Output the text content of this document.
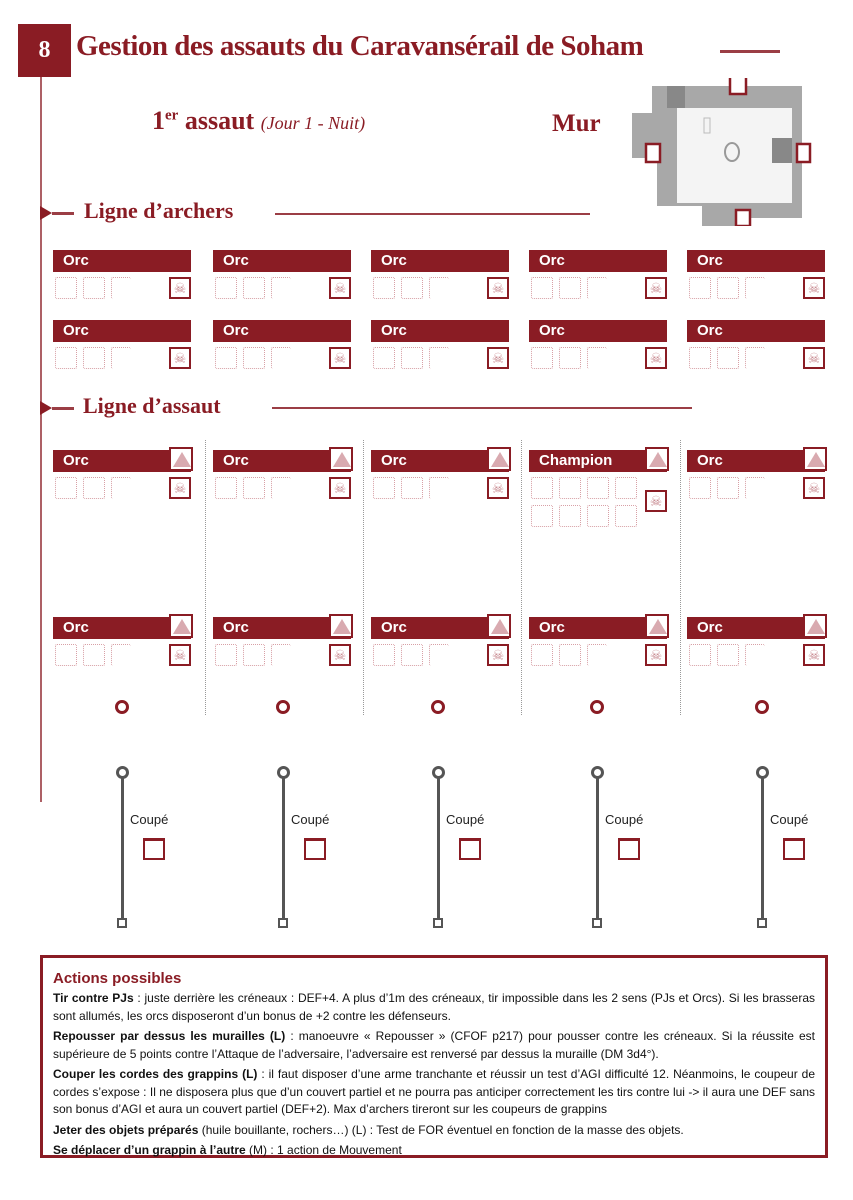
8 Gestion des assauts du Caravansérail de Soham
1er assaut (Jour 1 - Nuit)	Mur
Ligne d’archers
Ligne d’assaut
Orc
☠
Orc
☠
Orc
☠
Orc
☠
Orc
☠
Orc
☠
Orc
☠
Orc
☠
Orc
☠
Orc
☠
Orc
☠
Orc
☠
Orc
☠
Champion
☠
Orc
☠
Orc
☠
Orc
☠
Orc
☠
Orc
☠
Orc
☠
Coupé	Coupé	Coupé	Coupé	Coupé
Actions possibles

Tir contre PJs : juste derrière les créneaux : DEF+4. A plus d’1m des créneaux, tir impossible dans les 2 sens (PJs et Orcs). Si les brasseras sont allumés, les orcs disposeront d’un bonus de +2 contre les défenseurs.

Repousser par dessus les murailles (L) : manoeuvre « Repousser » (CFOF p217) pour pousser contre les créneaux. Si la réussite est supérieure de 5 points contre l’Attaque de l’adversaire, l’adversaire est renversé par dessus la muraille (DM 3d4°).

Couper les cordes des grappins (L) : il faut disposer d’une arme tranchante et réussir un test d’AGI difficulté 12. Néanmoins, le coupeur de cordes s’expose : Il ne disposera plus que d’un couvert partiel et ne pourra pas anticiper correctement les tirs contre lui -> il aura une DEF sans son bonus d’AGI et aura un couvert partiel (DEF+2). Max d’archers tireront sur les coupeurs de grappins

Jeter des objets préparés (huile bouillante, rochers…) (L) : Test de FOR éventuel en fonction de la masse des objets.

Se déplacer d’un grappin à l’autre (M) : 1 action de Mouvement
